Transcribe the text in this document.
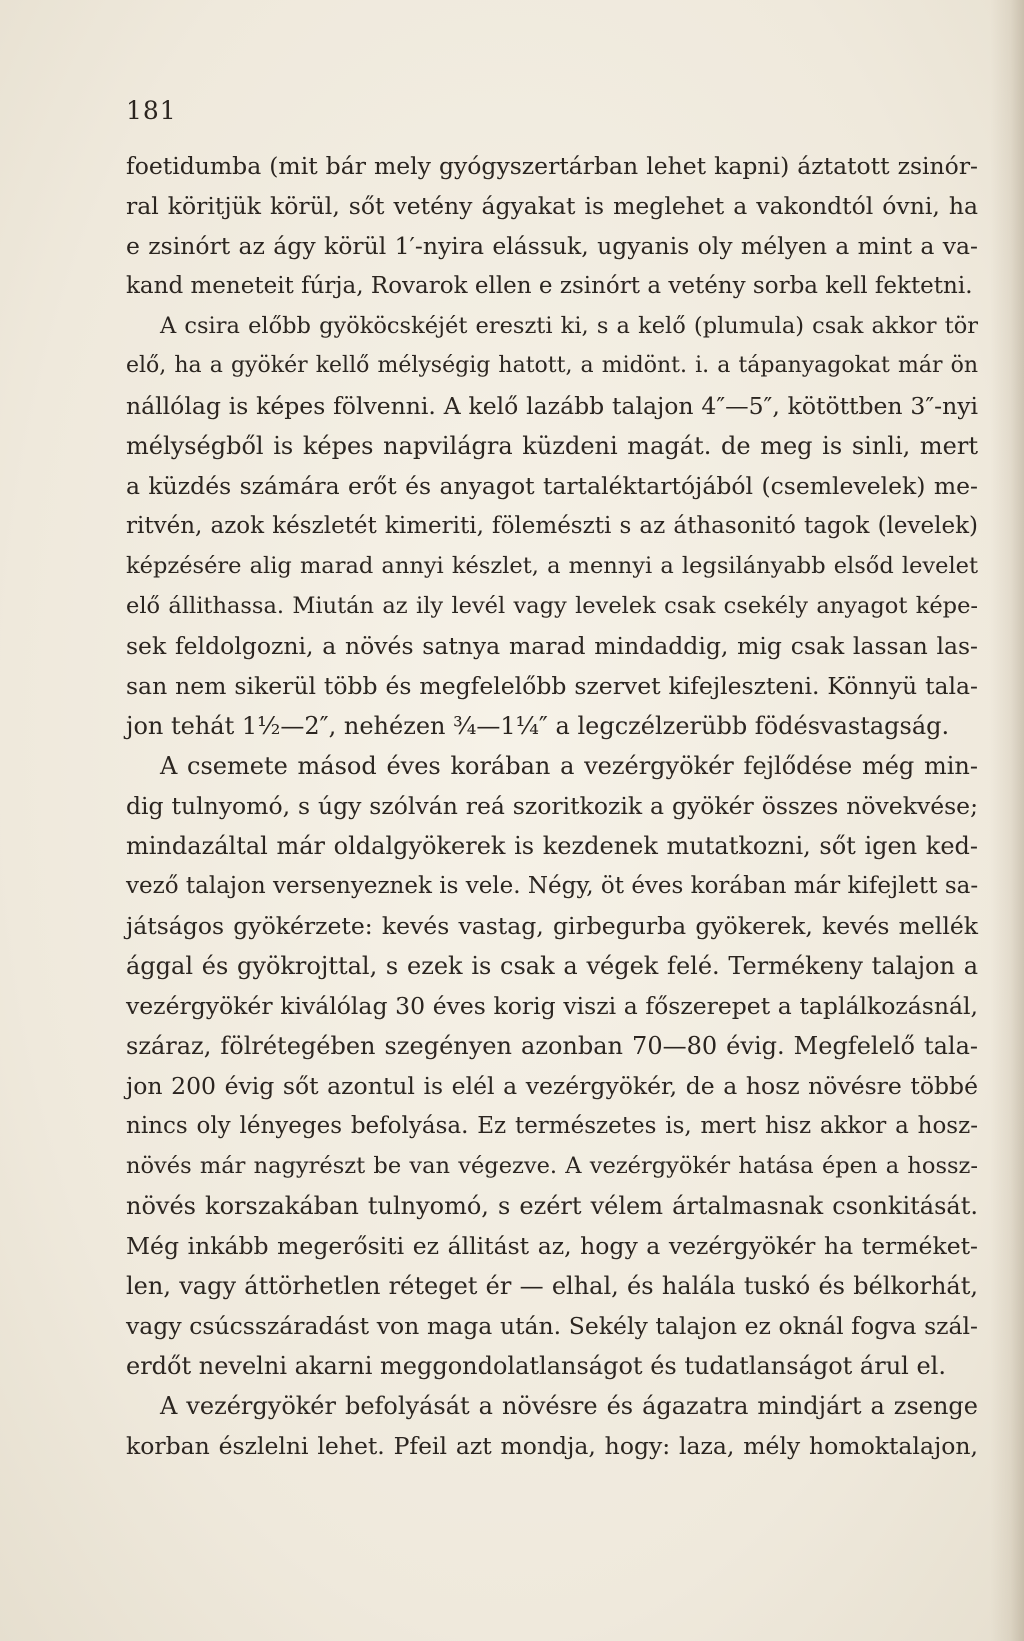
181
foetidumba (mit bár mely gyógyszertárban lehet kapni) áztatott zsinór-
ral köritjük körül, sőt vetény ágyakat is meglehet a vakondtól óvni, ha
e zsinórt az ágy körül 1′-nyira elássuk, ugyanis oly mélyen a mint a va-
kand meneteit fúrja, Rovarok ellen e zsinórt a vetény sorba kell fektetni.
A csira előbb gyököcskéjét ereszti ki, s a kelő (plumula) csak akkor tör
elő, ha a gyökér kellő mélységig hatott, a midönt. i. a tápanyagokat már ön
nállólag is képes fölvenni. A kelő lazább talajon 4″—5″, kötöttben 3″-nyi
mélységből is képes napvilágra küzdeni magát. de meg is sinli, mert
a küzdés számára erőt és anyagot tartaléktartójából (csemlevelek) me-
ritvén, azok készletét kimeriti, fölemészti s az áthasonitó tagok (levelek)
képzésére alig marad annyi készlet, a mennyi a legsilányabb elsőd levelet
elő állithassa. Miután az ily levél vagy levelek csak csekély anyagot képe-
sek feldolgozni, a növés satnya marad mindaddig, mig csak lassan las-
san nem sikerül több és megfelelőbb szervet kifejleszteni. Könnyü tala-
jon tehát 1½—2″, nehézen ¾—1¼″ a legczélzerübb födésvastagság.
A csemete másod éves korában a vezérgyökér fejlődése még min-
dig tulnyomó, s úgy szólván reá szoritkozik a gyökér összes növekvése;
mindazáltal már oldalgyökerek is kezdenek mutatkozni, sőt igen ked-
vező talajon versenyeznek is vele. Négy, öt éves korában már kifejlett sa-
játságos gyökérzete: kevés vastag, girbegurba gyökerek, kevés mellék
ággal és gyökrojttal, s ezek is csak a végek felé. Termékeny talajon a
vezérgyökér kiválólag 30 éves korig viszi a főszerepet a taplálkozásnál,
száraz, fölrétegében szegényen azonban 70—80 évig. Megfelelő tala-
jon 200 évig sőt azontul is elél a vezérgyökér, de a hosz növésre többé
nincs oly lényeges befolyása. Ez természetes is, mert hisz akkor a hosz-
növés már nagyrészt be van végezve. A vezérgyökér hatása épen a hossz-
növés korszakában tulnyomó, s ezért vélem ártalmasnak csonkitását.
Még inkább megerősiti ez állitást az, hogy a vezérgyökér ha terméket-
len, vagy áttörhetlen réteget ér — elhal, és halála tuskó és bélkorhát,
vagy csúcsszáradást von maga után. Sekély talajon ez oknál fogva szál-
erdőt nevelni akarni meggondolatlanságot és tudatlanságot árul el.
A vezérgyökér befolyását a növésre és ágazatra mindjárt a zsenge
korban észlelni lehet. Pfeil azt mondja, hogy: laza, mély homoktalajon,
